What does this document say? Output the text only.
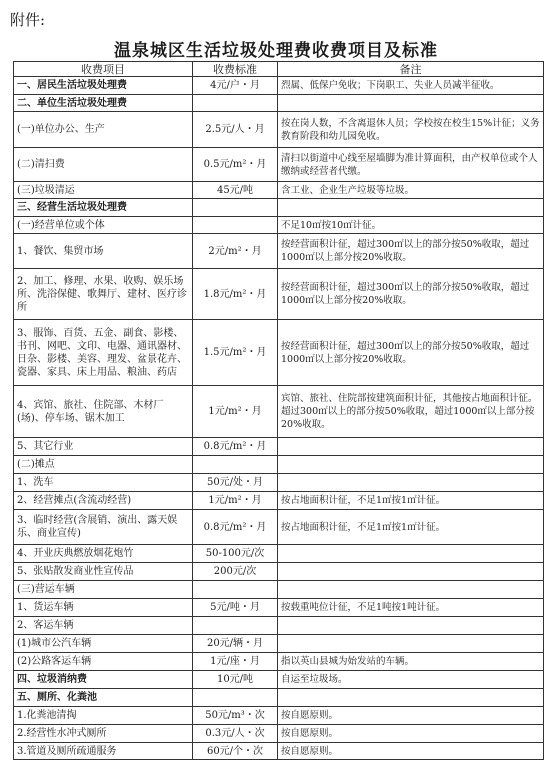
附件:
温泉城区生活垃圾处理费收费项目及标准
收费项目	收费标准	备注
一、居民生活垃圾处理费	4元/户・月	烈属、低保户免收；下岗职工、失业人员减半征收。
二、单位生活垃圾处理费		
(一)单位办公、生产	2.5元/人・月	按在岗人数，不含离退休人员；学校按在校生15%计征；义务教育阶段和幼儿园免收。
(二)清扫费	0.5元/m²・月	清扫以街道中心线至屋墙脚为准计算面积，由产权单位或个人缴纳或经营者代缴。
(三)垃圾清运	45元/吨	含工业、企业生产垃圾等垃圾。
三、经营生活垃圾处理费		
(一)经营单位或个体		不足10㎡按10㎡计征。
1、餐饮、集贸市场	2元/m²・月	按经营面积计征，超过300㎡以上的部分按50%收取，超过1000㎡以上部分按20%收取。
2、加工、修理、水果、收购、娱乐场所、洗浴保健、歌舞厅、建材、医疗诊所	1.8元/m²・月	按经营面积计征，超过300㎡以上的部分按50%收取，超过1000㎡以上部分按20%收取。
3、服饰、百货、五金、副食、影楼、书刊、网吧、文印、电器、通讯器材、日杂、影楼、美容、理发、盆景花卉、瓷器、家具、床上用品、粮油、药店	1.5元/m²・月	按经营面积计征，超过300㎡以上的部分按50%收取，超过1000㎡以上部分按20%收取。
4、宾馆、旅社、住院部、木材厂(场)、停车场、锯木加工	1元/m²・月	宾馆、旅社、住院部按建筑面积计征，其他按占地面积计征。超过300㎡以上的部分按50%收取，超过1000㎡以上部分按20%收取。
5、其它行业	0.8元/m²・月	
(二)摊点		
1、洗车	50元/处・月	
2、经营摊点(含流动经营)	1元/m²・月	按占地面积计征，不足1㎡按1㎡计征。
3、临时经营(含展销、演出、露天娱乐、商业宣传)	0.8元/m²・月	按占地面积计征，不足1㎡按1㎡计征。
4、开业庆典燃放烟花炮竹	50-100元/次	
5、张贴散发商业性宣传品	200元/次	
(三)营运车辆		
1、货运车辆	5元/吨・月	按载重吨位计征，不足1吨按1吨计征。
2、客运车辆		
(1)城市公汽车辆	20元/辆・月	
(2)公路客运车辆	1元/座・月	指以英山县城为始发站的车辆。
四、垃圾消纳费	10元/吨	自运至垃圾场。
五、厕所、化粪池		
1.化粪池清掏	50元/m³・次	按自愿原则。
2.经营性水冲式厕所	0.3元/人・次	按自愿原则。
3.管道及厕所疏通服务	60元/个・次	按自愿原则。
